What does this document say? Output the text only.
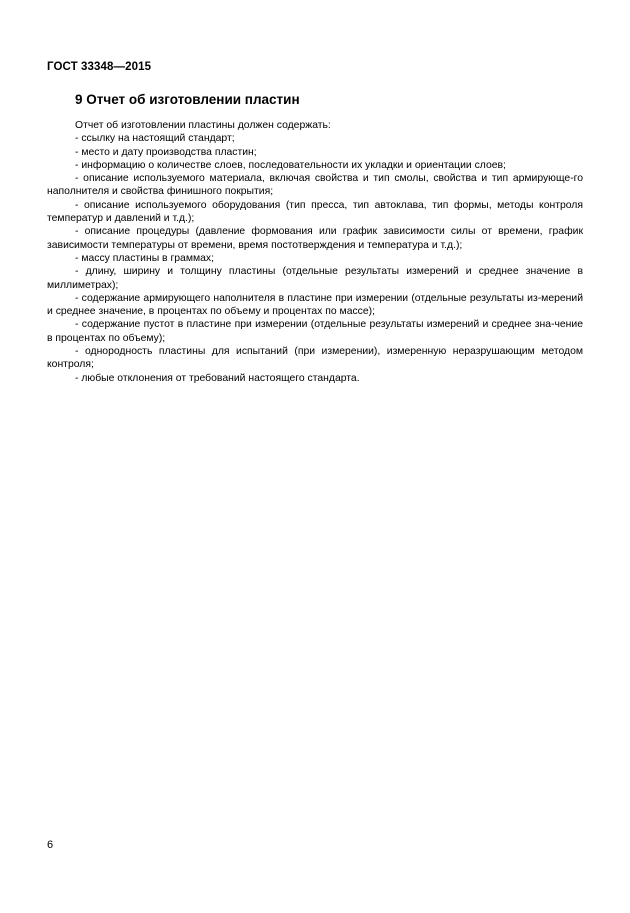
ГОСТ 33348—2015
9 Отчет об изготовлении пластин

Отчет об изготовлении пластины должен содержать:

- ссылку на настоящий стандарт;

- место и дату производства пластин;

- информацию о количестве слоев, последовательности их укладки и ориентации слоев;

- описание используемого материала, включая свойства и тип смолы, свойства и тип армирующе-го наполнителя и свойства финишного покрытия;

- описание используемого оборудования (тип пресса, тип автоклава, тип формы, методы контроля температур и давлений и т.д.);

- описание процедуры (давление формования или график зависимости силы от времени, график зависимости температуры от времени, время постотверждения и температура и т.д.);

- массу пластины в граммах;

- длину, ширину и толщину пластины (отдельные результаты измерений и среднее значение в миллиметрах);

- содержание армирующего наполнителя в пластине при измерении (отдельные результаты из-мерений и среднее значение, в процентах по объему и процентах по массе);

- содержание пустот в пластине при измерении (отдельные результаты измерений и среднее зна-чение в процентах по объему);

- однородность пластины для испытаний (при измерении), измеренную неразрушающим методом контроля;

- любые отклонения от требований настоящего стандарта.

6
